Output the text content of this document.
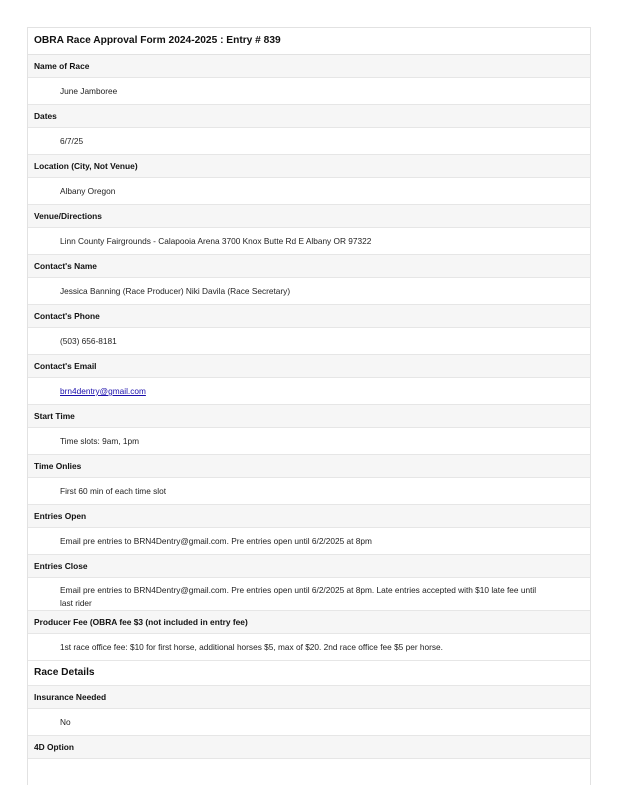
OBRA Race Approval Form 2024-2025 : Entry # 839
Name of Race
June Jamboree
Dates
6/7/25
Location (City, Not Venue)
Albany Oregon
Venue/Directions
Linn County Fairgrounds - Calapooia Arena 3700 Knox Butte Rd E Albany OR 97322
Contact's Name
Jessica Banning (Race Producer) Niki Davila (Race Secretary)
Contact's Phone
(503) 656-8181
Contact's Email
brn4dentry@gmail.com
Start Time
Time slots: 9am, 1pm
Time Onlies
First 60 min of each time slot
Entries Open
Email pre entries to BRN4Dentry@gmail.com. Pre entries open until 6/2/2025 at 8pm
Entries Close
Email pre entries to BRN4Dentry@gmail.com. Pre entries open until 6/2/2025 at 8pm. Late entries accepted with $10 late fee until
last rider
Producer Fee (OBRA fee $3 (not included in entry fee)
1st race office fee: $10 for first horse, additional horses $5, max of $20. 2nd race office fee $5 per horse.
Race Details
Insurance Needed
No
4D Option
